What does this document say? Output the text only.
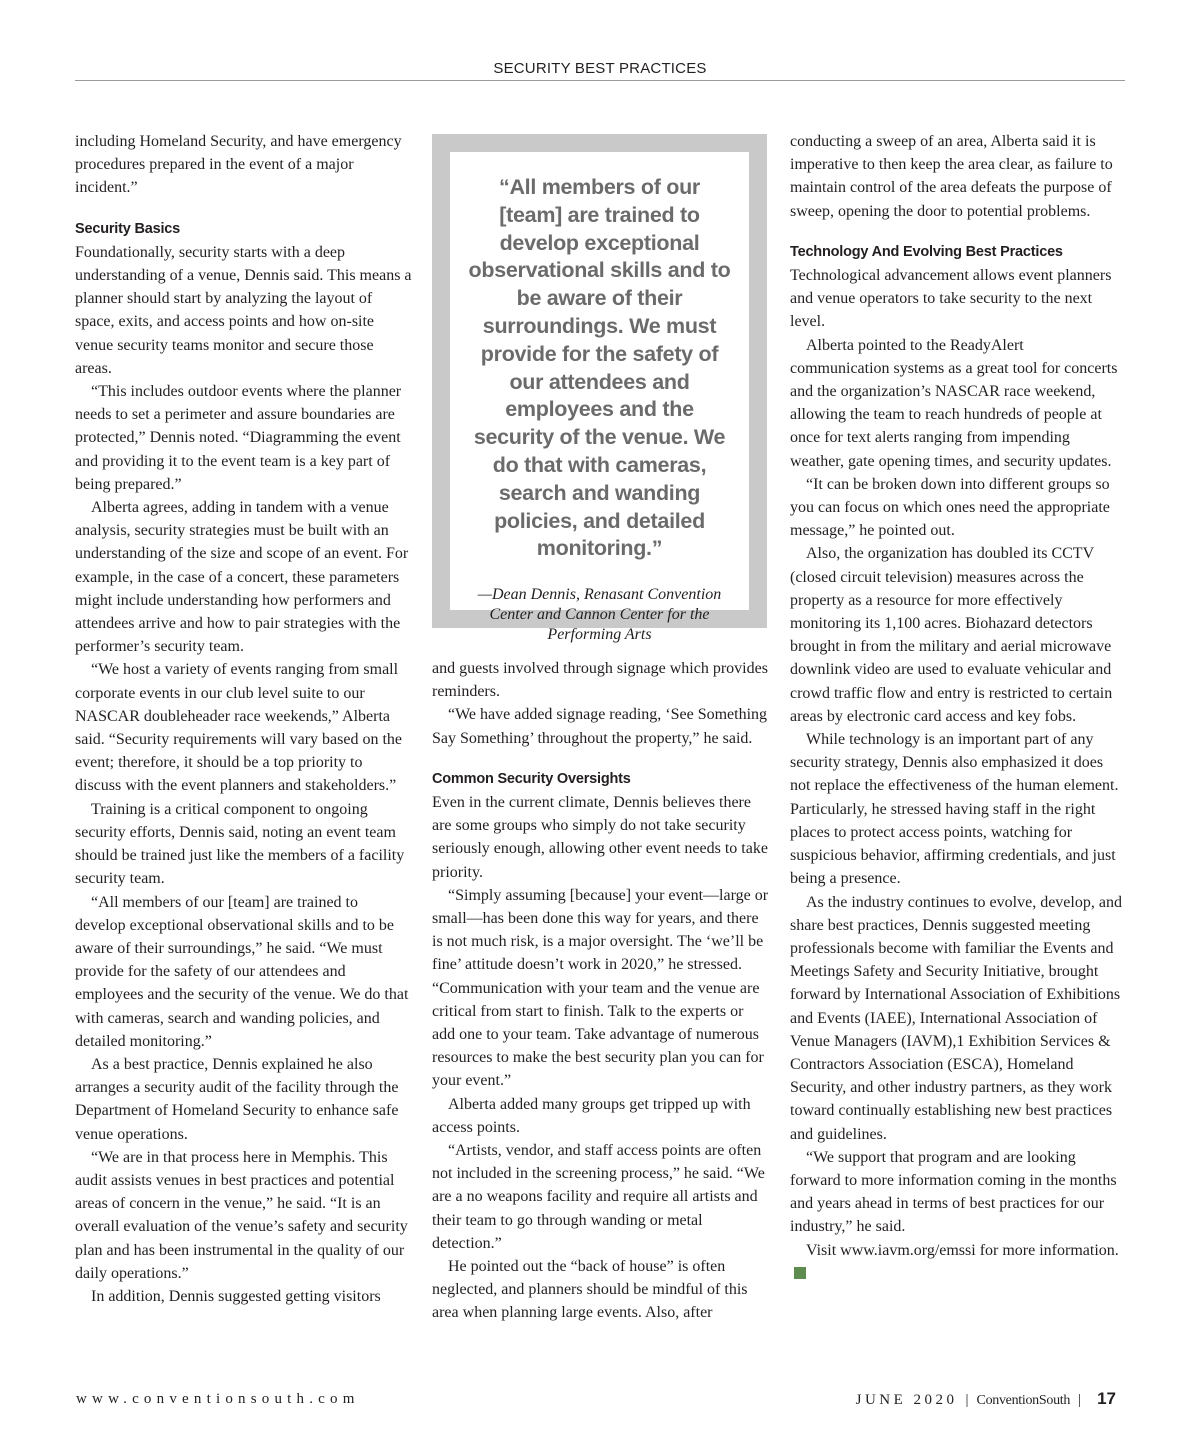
SECURITY BEST PRACTICES

including Homeland Security, and have emergency procedures prepared in the event of a major incident.”

Security Basics

Foundationally, security starts with a deep understanding of a venue, Dennis said. This means a planner should start by analyzing the layout of space, exits, and access points and how on-site venue security teams monitor and secure those areas.

“This includes outdoor events where the planner needs to set a perimeter and assure boundaries are protected,” Dennis noted. “Diagramming the event and providing it to the event team is a key part of being prepared.”

Alberta agrees, adding in tandem with a venue analysis, security strategies must be built with an understanding of the size and scope of an event. For example, in the case of a concert, these parameters might include understanding how performers and attendees arrive and how to pair strategies with the performer’s security team.

“We host a variety of events ranging from small corporate events in our club level suite to our NASCAR doubleheader race weekends,” Alberta said. “Security requirements will vary based on the event; therefore, it should be a top priority to discuss with the event planners and stakeholders.”

Training is a critical component to ongoing security efforts, Dennis said, noting an event team should be trained just like the members of a facility security team.

“All members of our [team] are trained to develop exceptional observational skills and to be aware of their surroundings,” he said. “We must provide for the safety of our attendees and employees and the security of the venue. We do that with cameras, search and wanding policies, and detailed monitoring.”

As a best practice, Dennis explained he also arranges a security audit of the facility through the Department of Homeland Security to enhance safe venue operations.

“We are in that process here in Memphis. This audit assists venues in best practices and potential areas of concern in the venue,” he said. “It is an overall evaluation of the venue’s safety and security plan and has been instrumental in the quality of our daily operations.”

In addition, Dennis suggested getting visitors

“All members of our [team] are trained to develop exceptional observational skills and to be aware of their surroundings. We must provide for the safety of our attendees and employees and the security of the venue. We do that with cameras, search and wanding policies, and detailed monitoring.”
—Dean Dennis, Renasant Convention Center and Cannon Center for the Performing Arts

and guests involved through signage which provides reminders.

“We have added signage reading, ‘See Something Say Something’ throughout the property,” he said.

Common Security Oversights

Even in the current climate, Dennis believes there are some groups who simply do not take security seriously enough, allowing other event needs to take priority.

“Simply assuming [because] your event—large or small—has been done this way for years, and there is not much risk, is a major oversight. The ‘we’ll be fine’ attitude doesn’t work in 2020,” he stressed. “Communication with your team and the venue are critical from start to finish. Talk to the experts or add one to your team. Take advantage of numerous resources to make the best security plan you can for your event.”

Alberta added many groups get tripped up with access points.

“Artists, vendor, and staff access points are often not included in the screening process,” he said. “We are a no weapons facility and require all artists and their team to go through wanding or metal detection.”

He pointed out the “back of house” is often neglected, and planners should be mindful of this area when planning large events. Also, after

conducting a sweep of an area, Alberta said it is imperative to then keep the area clear, as failure to maintain control of the area defeats the purpose of sweep, opening the door to potential problems.

Technology And Evolving Best Practices

Technological advancement allows event planners and venue operators to take security to the next level.

Alberta pointed to the ReadyAlert communication systems as a great tool for concerts and the organization’s NASCAR race weekend, allowing the team to reach hundreds of people at once for text alerts ranging from impending weather, gate opening times, and security updates.

“It can be broken down into different groups so you can focus on which ones need the appropriate message,” he pointed out.

Also, the organization has doubled its CCTV (closed circuit television) measures across the property as a resource for more effectively monitoring its 1,100 acres. Biohazard detectors brought in from the military and aerial microwave downlink video are used to evaluate vehicular and crowd traffic flow and entry is restricted to certain areas by electronic card access and key fobs.

While technology is an important part of any security strategy, Dennis also emphasized it does not replace the effectiveness of the human element. Particularly, he stressed having staff in the right places to protect access points, watching for suspicious behavior, affirming credentials, and just being a presence.

As the industry continues to evolve, develop, and share best practices, Dennis suggested meeting professionals become with familiar the Events and Meetings Safety and Security Initiative, brought forward by International Association of Exhibitions and Events (IAEE), International Association of Venue Managers (IAVM),1 Exhibition Services & Contractors Association (ESCA), Homeland Security, and other industry partners, as they work toward continually establishing new best practices and guidelines.

“We support that program and are looking forward to more information coming in the months and years ahead in terms of best practices for our industry,” he said.

Visit www.iavm.org/emssi for more information.

www.conventionsouth.com	JUNE 2020 | ConventionSouth | 17
